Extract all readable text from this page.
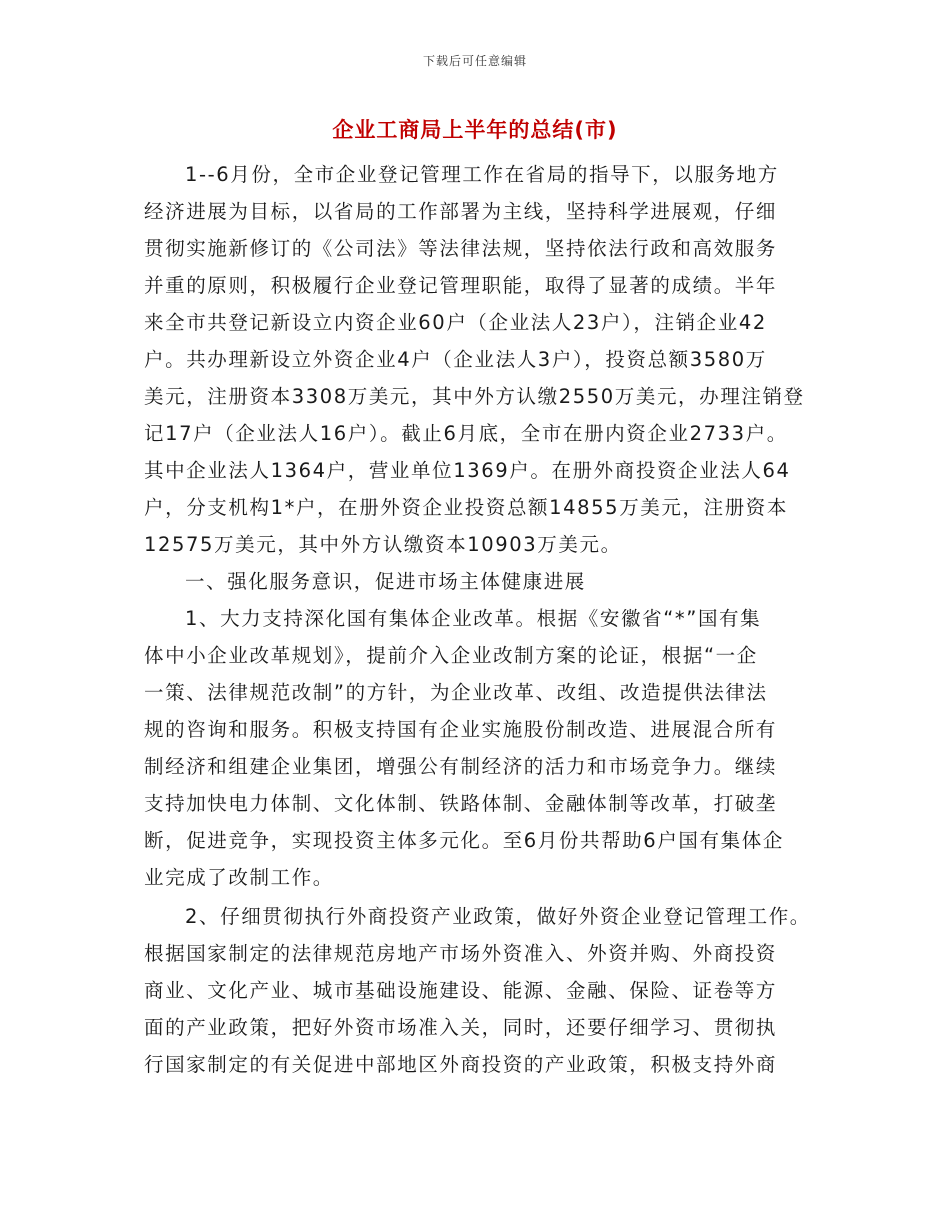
下载后可任意编辑
企业工商局上半年的总结(市)
1--6月份，全市企业登记管理工作在省局的指导下，以服务地方
经济进展为目标，以省局的工作部署为主线，坚持科学进展观，仔细
贯彻实施新修订的《公司法》等法律法规，坚持依法行政和高效服务
并重的原则，积极履行企业登记管理职能，取得了显著的成绩。半年
来全市共登记新设立内资企业60户（企业法人23户），注销企业42
户。共办理新设立外资企业4户（企业法人3户），投资总额3580万
美元，注册资本3308万美元，其中外方认缴2550万美元，办理注销登
记17户（企业法人16户）。截止6月底，全市在册内资企业2733户。
其中企业法人1364户，营业单位1369户。在册外商投资企业法人64
户，分支机构1*户，在册外资企业投资总额14855万美元，注册资本
12575万美元，其中外方认缴资本10903万美元。
一、强化服务意识，促进市场主体健康进展
1、大力支持深化国有集体企业改革。根据《安徽省“*”国有集
体中小企业改革规划》，提前介入企业改制方案的论证，根据“一企
一策、法律规范改制”的方针，为企业改革、改组、改造提供法律法
规的咨询和服务。积极支持国有企业实施股份制改造、进展混合所有
制经济和组建企业集团，增强公有制经济的活力和市场竞争力。继续
支持加快电力体制、文化体制、铁路体制、金融体制等改革，打破垄
断，促进竞争，实现投资主体多元化。至6月份共帮助6户国有集体企
业完成了改制工作。
2、仔细贯彻执行外商投资产业政策，做好外资企业登记管理工作。
根据国家制定的法律规范房地产市场外资准入、外资并购、外商投资
商业、文化产业、城市基础设施建设、能源、金融、保险、证卷等方
面的产业政策，把好外资市场准入关，同时，还要仔细学习、贯彻执
行国家制定的有关促进中部地区外商投资的产业政策，积极支持外商
